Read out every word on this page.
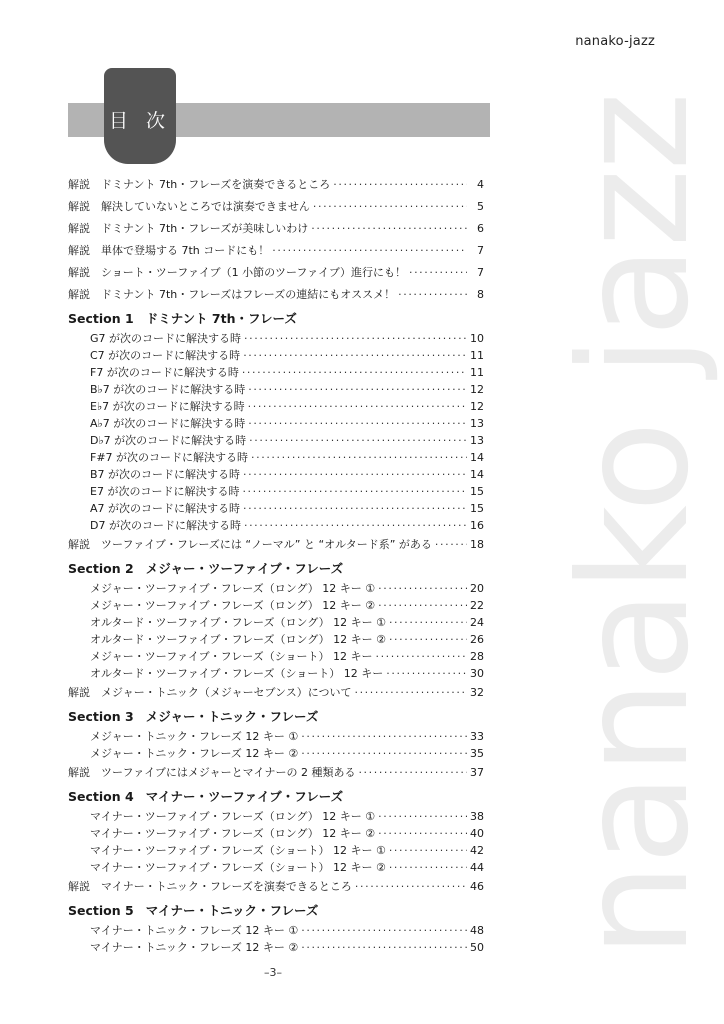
nanako-jazz
nanako jazz
目 次
解説	ドミナント 7th・フレーズを演奏できるところ ·····	4
解説	解決していないところでは演奏できません ·····	5
解説	ドミナント 7th・フレーズが美味しいわけ ·····	6
解説	単体で登場する 7th コードにも！ ·····	7
解説	ショート・ツーファイブ（1 小節のツーファイブ）進行にも！ ·····	7
解説	ドミナント 7th・フレーズはフレーズの連結にもオススメ！ ·····	8
Section 1 ドミナント 7th・フレーズ
G7 が次のコードに解決する時 ·····	10
C7 が次のコードに解決する時 ·····	11
F7 が次のコードに解決する時 ·····	11
B♭7 が次のコードに解決する時 ·····	12
E♭7 が次のコードに解決する時 ·····	12
A♭7 が次のコードに解決する時 ·····	13
D♭7 が次のコードに解決する時 ·····	13
F#7 が次のコードに解決する時 ·····	14
B7 が次のコードに解決する時 ·····	14
E7 が次のコードに解決する時 ·····	15
A7 が次のコードに解決する時 ·····	15
D7 が次のコードに解決する時 ·····	16
解説	ツーファイブ・フレーズには “ノーマル” と “オルタード系” がある ·····	18
Section 2 メジャー・ツーファイブ・フレーズ
メジャー・ツーファイブ・フレーズ（ロング） 12 キー ① ·····	20
メジャー・ツーファイブ・フレーズ（ロング） 12 キー ② ·····	22
オルタード・ツーファイブ・フレーズ（ロング） 12 キー ① ·····	24
オルタード・ツーファイブ・フレーズ（ロング） 12 キー ② ·····	26
メジャー・ツーファイブ・フレーズ（ショート） 12 キー ·····	28
オルタード・ツーファイブ・フレーズ（ショート） 12 キー ·····	30
解説	メジャー・トニック（メジャーセブンス）について ·····	32
Section 3 メジャー・トニック・フレーズ
メジャー・トニック・フレーズ 12 キー ① ·····	33
メジャー・トニック・フレーズ 12 キー ② ·····	35
解説	ツーファイブにはメジャーとマイナーの 2 種類ある ·····	37
Section 4 マイナー・ツーファイブ・フレーズ
マイナー・ツーファイブ・フレーズ（ロング） 12 キー ① ·····	38
マイナー・ツーファイブ・フレーズ（ロング） 12 キー ② ·····	40
マイナー・ツーファイブ・フレーズ（ショート） 12 キー ① ·····	42
マイナー・ツーファイブ・フレーズ（ショート） 12 キー ② ·····	44
解説	マイナー・トニック・フレーズを演奏できるところ ·····	46
Section 5 マイナー・トニック・フレーズ
マイナー・トニック・フレーズ 12 キー ① ·····	48
マイナー・トニック・フレーズ 12 キー ② ·····	50
–3–
